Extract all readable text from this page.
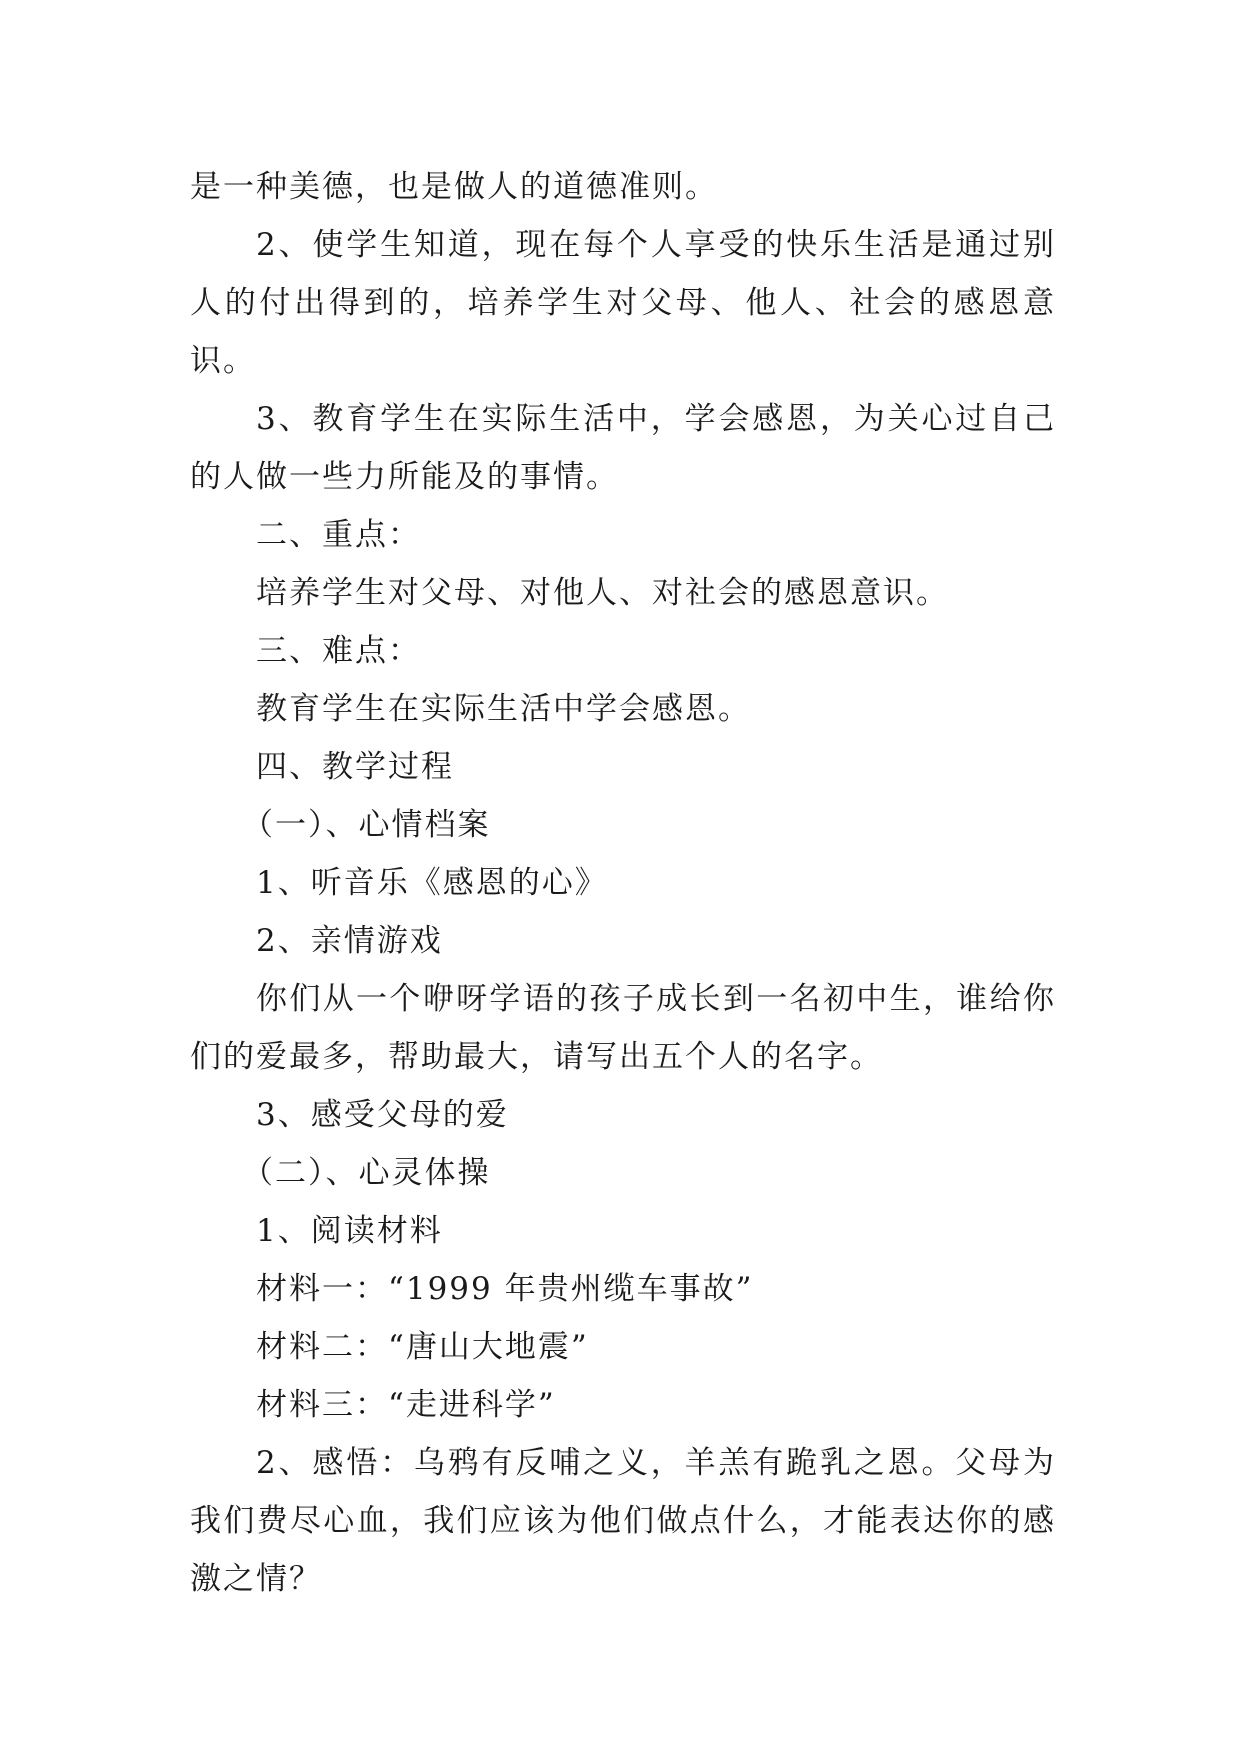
是一种美德，也是做人的道德准则。

2、使学生知道，现在每个人享受的快乐生活是通过别人的付出得到的，培养学生对父母、他人、社会的感恩意识。

3、教育学生在实际生活中，学会感恩，为关心过自己的人做一些力所能及的事情。

二、重点：

培养学生对父母、对他人、对社会的感恩意识。

三、难点：

教育学生在实际生活中学会感恩。

四、教学过程

（一）、心情档案

1、听音乐《感恩的心》

2、亲情游戏

你们从一个咿呀学语的孩子成长到一名初中生，谁给你们的爱最多，帮助最大，请写出五个人的名字。

3、感受父母的爱

（二）、心灵体操

1、阅读材料

材料一：“1999 年贵州缆车事故”

材料二：“唐山大地震”

材料三：“走进科学”

2、感悟：乌鸦有反哺之义，羊羔有跪乳之恩。父母为我们费尽心血，我们应该为他们做点什么，才能表达你的感激之情？
